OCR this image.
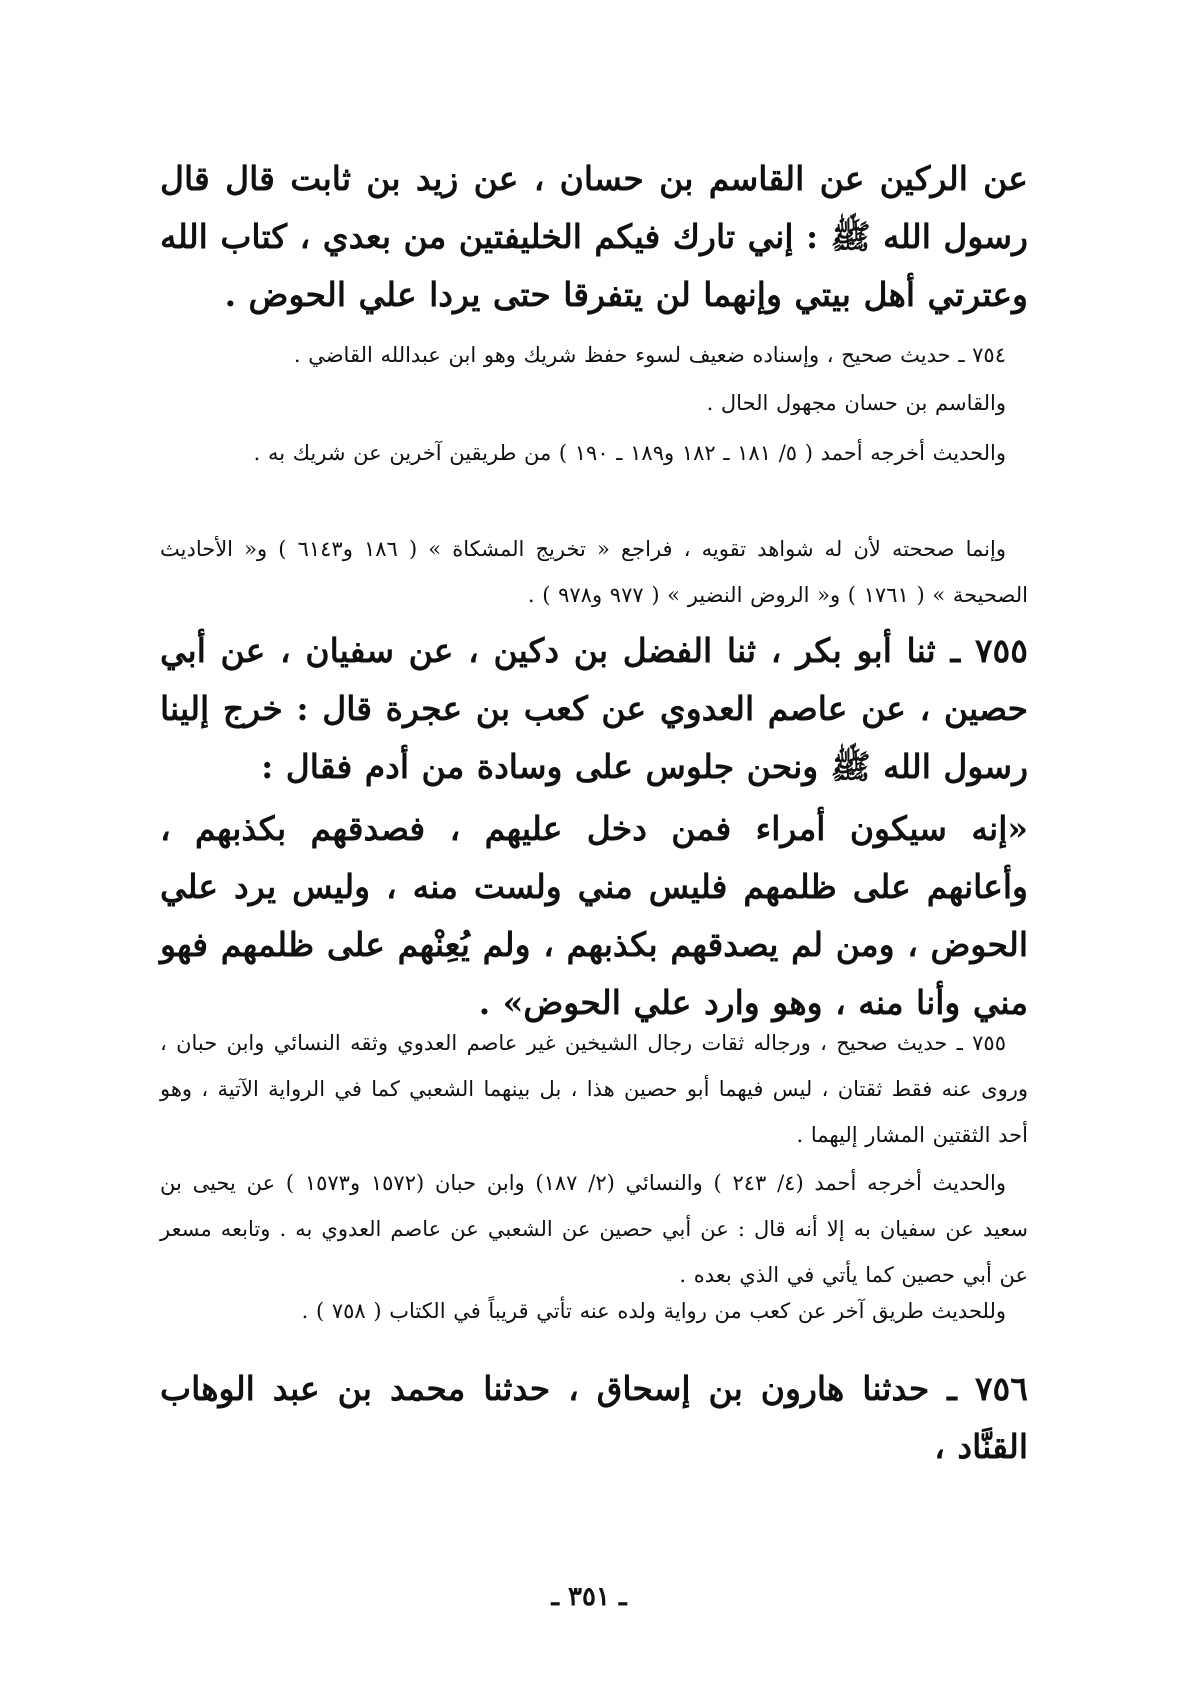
عن الركين عن القاسم بن حسان ، عن زيد بن ثابت قال قال رسول الله ﷺ : إني تارك فيكم الخليفتين من بعدي ، كتاب الله وعترتي أهل بيتي وإنهما لن يتفرقا حتى يردا علي الحوض .

٧٥٤ ـ حديث صحيح ، وإسناده ضعيف لسوء حفظ شريك وهو ابن عبدالله القاضي .

والقاسم بن حسان مجهول الحال .

والحديث أخرجه أحمد ( ٥/ ١٨١ ـ ١٨٢ و١٨٩ ـ ١٩٠ ) من طريقين آخرين عن شريك به .

وإنما صححته لأن له شواهد تقويه ، فراجع « تخريج المشكاة » ( ١٨٦ و٦١٤٣ ) و« الأحاديث الصحيحة » ( ١٧٦١ ) و« الروض النضير » ( ٩٧٧ و٩٧٨ ) .

٧٥٥ ـ ثنا أبو بكر ، ثنا الفضل بن دكين ، عن سفيان ، عن أبي حصين ، عن عاصم العدوي عن كعب بن عجرة قال : خرج إلينا رسول الله ﷺ ونحن جلوس على وسادة من أدم فقال :

«إنه سيكون أمراء فمن دخل عليهم ، فصدقهم بكذبهم ، وأعانهم على ظلمهم فليس مني ولست منه ، وليس يرد علي الحوض ، ومن لم يصدقهم بكذبهم ، ولم يُعِنْهم على ظلمهم فهو مني وأنا منه ، وهو وارد علي الحوض» .

٧٥٥ ـ حديث صحيح ، ورجاله ثقات رجال الشيخين غير عاصم العدوي وثقه النسائي وابن حبان ، وروى عنه فقط ثقتان ، ليس فيهما أبو حصين هذا ، بل بينهما الشعبي كما في الرواية الآتية ، وهو أحد الثقتين المشار إليهما .

والحديث أخرجه أحمد (٤/ ٢٤٣ ) والنسائي (٢/ ١٨٧) وابن حبان (١٥٧٢ و١٥٧٣ ) عن يحيى بن سعيد عن سفيان به إلا أنه قال : عن أبي حصين عن الشعبي عن عاصم العدوي به . وتابعه مسعر عن أبي حصين كما يأتي في الذي بعده .

وللحديث طريق آخر عن كعب من رواية ولده عنه تأتي قريباً في الكتاب ( ٧٥٨ ) .

٧٥٦ ـ حدثنا هارون بن إسحاق ، حدثنا محمد بن عبد الوهاب القنَّاد ،

ـ ٣٥١ ـ
